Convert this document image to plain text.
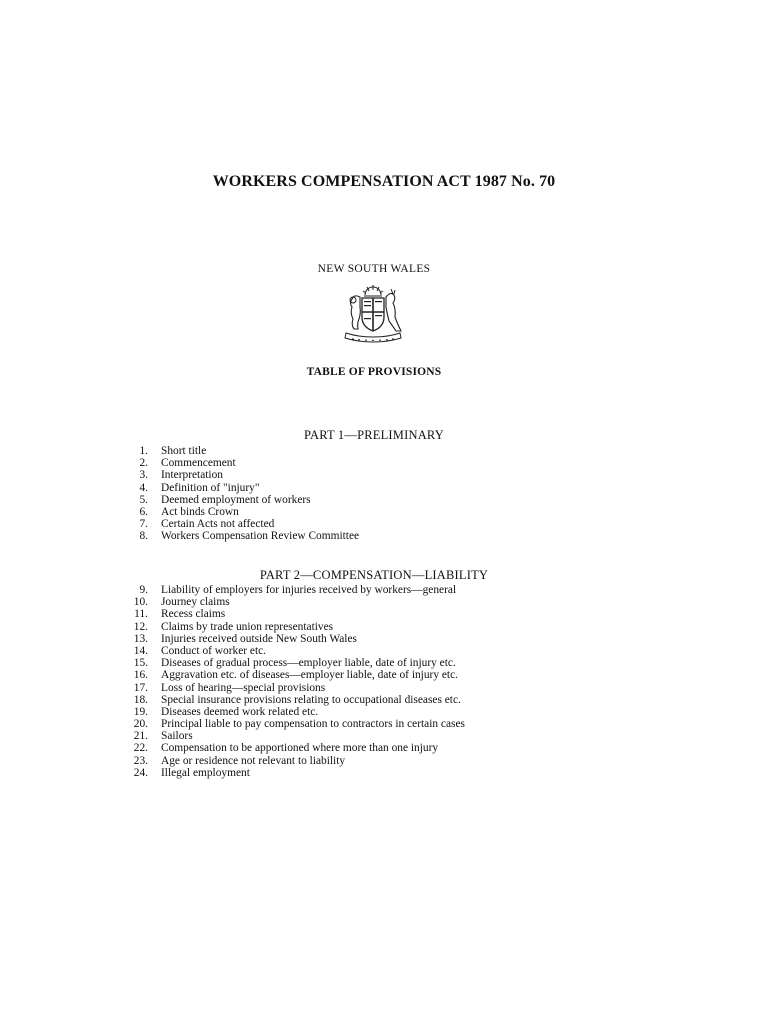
WORKERS COMPENSATION ACT 1987 No. 70
NEW SOUTH WALES
TABLE OF PROVISIONS
PART 1—PRELIMINARY
1. Short title
2. Commencement
3. Interpretation
4. Definition of "injury"
5. Deemed employment of workers
6. Act binds Crown
7. Certain Acts not affected
8. Workers Compensation Review Committee
PART 2—COMPENSATION—LIABILITY
9. Liability of employers for injuries received by workers—general
10. Journey claims
11. Recess claims
12. Claims by trade union representatives
13. Injuries received outside New South Wales
14. Conduct of worker etc.
15. Diseases of gradual process—employer liable, date of injury etc.
16. Aggravation etc. of diseases—employer liable, date of injury etc.
17. Loss of hearing—special provisions
18. Special insurance provisions relating to occupational diseases etc.
19. Diseases deemed work related etc.
20. Principal liable to pay compensation to contractors in certain cases
21. Sailors
22. Compensation to be apportioned where more than one injury
23. Age or residence not relevant to liability
24. Illegal employment
